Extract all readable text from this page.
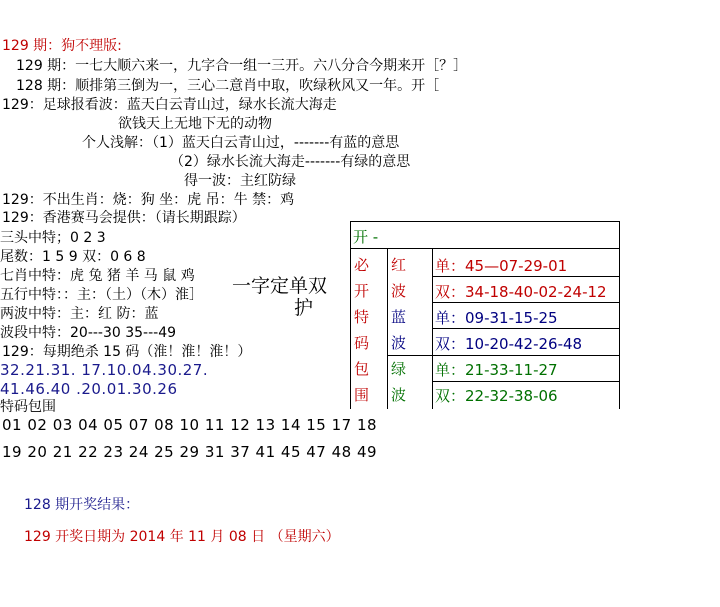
129 期：狗不理版:
129 期：一七大顺六来一，九字合一组一三开。六八分合今期来开［？］
128 期：顺排第三倒为一，三心二意肖中取，吹绿秋风又一年。开［
129：足球报看波：蓝天白云青山过，绿水长流大海走
欲钱天上无地下无的动物
个人浅解：（1）蓝天白云青山过，-------有蓝的意思
（2）绿水长流大海走-------有绿的意思
得一波：主红防绿
129：不出生肖：烧：狗 坐：虎 吊：牛 禁：鸡
129：香港赛马会提供：（请长期跟踪）
三头中特；0 2 3
尾数：1 5 9 双：0 6 8
七肖中特：虎 兔 猪 羊 马 鼠 鸡
五行中特：：主：（土）（木）淮］
两波中特：主：红 防：蓝
波段中特：20---30 35---49
129：每期绝杀 15 码（淮！淮！淮！）
32.21.31. 17.10.04.30.27.
41.46.40 .20.01.30.26
特码包围
01 02 03 04 05 07 08 10 11 12 13 14 15 17 18
19 20 21 22 23 24 25 29 31 37 41 45 47 48 49
128 期开奖结果：
129 开奖日期为 2014 年 11 月 08 日 （星期六）
一字定单双
护
开 -
必
开
特
码
包
围
红
波
蓝
波
绿
波
单：45—07-29-01
双：34-18-40-02-24-12
单：09-31-15-25
双：10-20-42-26-48
单：21-33-11-27
双：22-32-38-06
